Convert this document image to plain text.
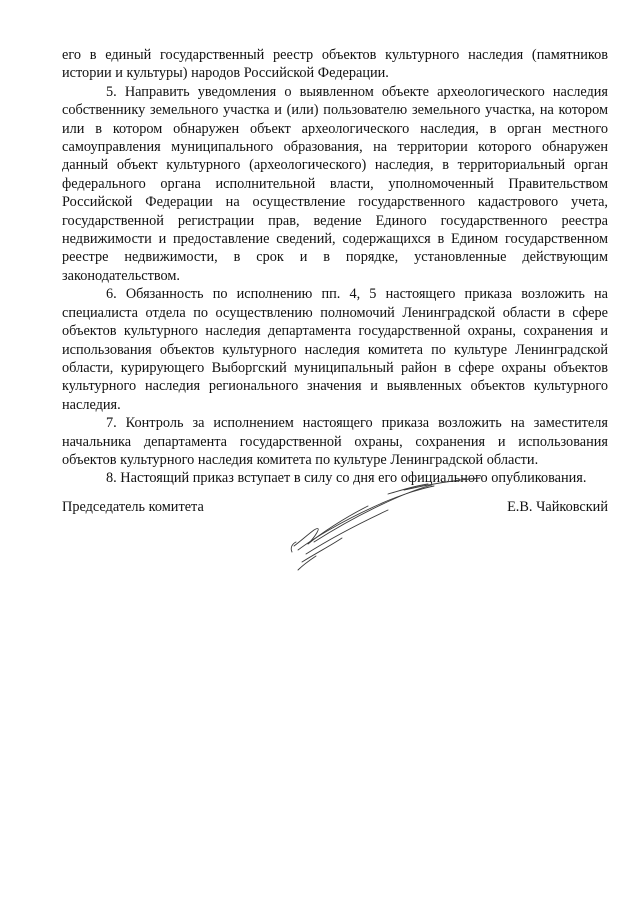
его в единый государственный реестр объектов культурного наследия (памятников истории и культуры) народов Российской Федерации.

5. Направить уведомления о выявленном объекте археологического наследия собственнику земельного участка и (или) пользователю земельного участка, на котором или в котором обнаружен объект археологического наследия, в орган местного самоуправления муниципального образования, на территории которого обнаружен данный объект культурного (археологического) наследия, в территориальный орган федерального органа исполнительной власти, уполномоченный Правительством Российской Федерации на осуществление государственного кадастрового учета, государственной регистрации прав, ведение Единого государственного реестра недвижимости и предоставление сведений, содержащихся в Едином государственном реестре недвижимости, в срок и в порядке, установленные действующим законодательством.

6. Обязанность по исполнению пп. 4, 5 настоящего приказа возложить на специалиста отдела по осуществлению полномочий Ленинградской области в сфере объектов культурного наследия департамента государственной охраны, сохранения и использования объектов культурного наследия комитета по культуре Ленинградской области, курирующего Выборгский муниципальный район в сфере охраны объектов культурного наследия регионального значения и выявленных объектов культурного наследия.

7. Контроль за исполнением настоящего приказа возложить на заместителя начальника департамента государственной охраны, сохранения и использования объектов культурного наследия комитета по культуре Ленинградской области.

8. Настоящий приказ вступает в силу со дня его официального опубликования.

Председатель комитета	Е.В. Чайковский
